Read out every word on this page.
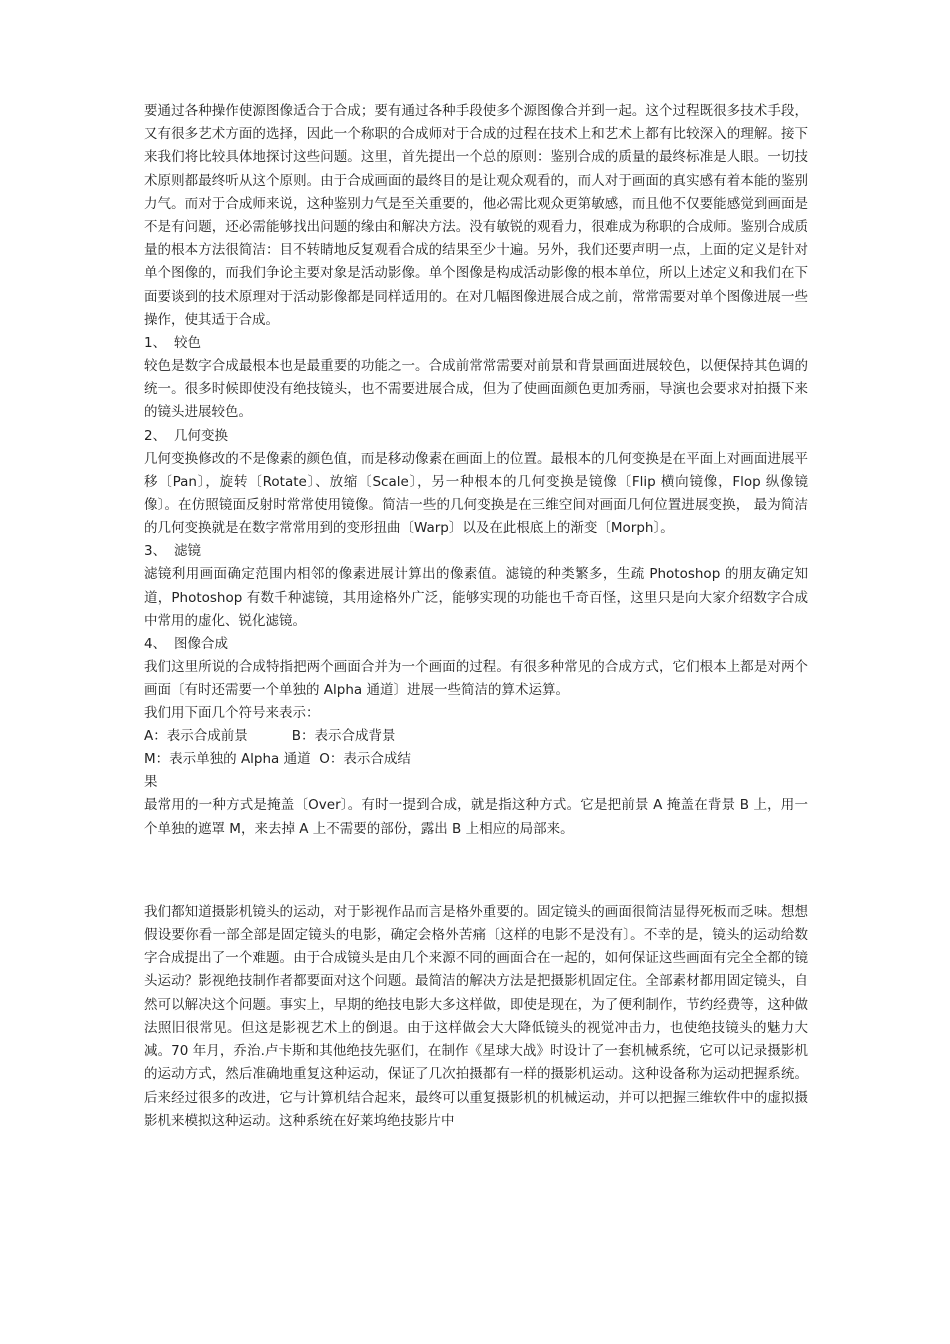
要通过各种操作使源图像适合于合成；要有通过各种手段使多个源图像合并到一起。这个过程既很多技术手段，又有很多艺术方面的选择，因此一个称职的合成师对于合成的过程在技术上和艺术上都有比较深入的理解。接下来我们将比较具体地探讨这些问题。这里，首先提出一个总的原则：鉴别合成的质量的最终标准是人眼。一切技术原则都最终听从这个原则。由于合成画面的最终目的是让观众观看的，而人对于画面的真实感有着本能的鉴别力气。而对于合成师来说，这种鉴别力气是至关重要的，他必需比观众更第敏感，而且他不仅要能感觉到画面是不是有问题，还必需能够找出问题的缘由和解决方法。没有敏锐的观看力，很难成为称职的合成师。鉴别合成质量的根本方法很简洁：目不转睛地反复观看合成的结果至少十遍。另外，我们还要声明一点，上面的定义是针对单个图像的，而我们争论主要对象是活动影像。单个图像是构成活动影像的根本单位，所以上述定义和我们在下面要谈到的技术原理对于活动影像都是同样适用的。在对几幅图像进展合成之前，常常需要对单个图像进展一些操作，使其适于合成。

1、 较色

较色是数字合成最根本也是最重要的功能之一。合成前常常需要对前景和背景画面进展较色，以便保持其色调的统一。很多时候即使没有绝技镜头，也不需要进展合成，但为了使画面颜色更加秀丽，导演也会要求对拍摄下来的镜头进展较色。

2、 几何变换

几何变换修改的不是像素的颜色值，而是移动像素在画面上的位置。最根本的几何变换是在平面上对画面进展平移〔Pan〕，旋转〔Rotate〕、放缩〔Scale〕，另一种根本的几何变换是镜像〔Flip 横向镜像，Flop 纵像镜像〕。在仿照镜面反射时常常使用镜像。简洁一些的几何变换是在三维空间对画面几何位置进展变换， 最为简洁的几何变换就是在数字常常用到的变形扭曲〔Warp〕以及在此根底上的渐变〔Morph〕。

3、 滤镜

滤镜利用画面确定范围内相邻的像素进展计算出的像素值。滤镜的种类繁多，生疏 Photoshop 的朋友确定知道，Photoshop 有数千种滤镜，其用途格外广泛，能够实现的功能也千奇百怪，这里只是向大家介绍数字合成中常用的虚化、锐化滤镜。

4、 图像合成

我们这里所说的合成特指把两个画面合并为一个画面的过程。有很多种常见的合成方式，它们根本上都是对两个画面〔有时还需要一个单独的 Alpha 通道〕进展一些简洁的算术运算。

我们用下面几个符号来表示：

A：表示合成前景	B：表示合成背景

M：表示单独的 Alpha 通道 O：表示合成结

果

最常用的一种方式是掩盖〔Over〕。有时一提到合成，就是指这种方式。它是把前景 A 掩盖在背景 B 上，用一个单独的遮罩 M，来去掉 A 上不需要的部份，露出 B 上相应的局部来。

我们都知道摄影机镜头的运动，对于影视作品而言是格外重要的。固定镜头的画面很简洁显得死板而乏味。想想假设要你看一部全部是固定镜头的电影，确定会格外苦痛〔这样的电影不是没有〕。不幸的是，镜头的运动给数字合成提出了一个难题。由于合成镜头是由几个来源不同的画面合在一起的，如何保证这些画面有完全全都的镜头运动？影视绝技制作者都要面对这个问题。最简洁的解决方法是把摄影机固定住。全部素材都用固定镜头，自然可以解决这个问题。事实上，早期的绝技电影大多这样做，即使是现在，为了便利制作，节约经费等，这种做法照旧很常见。但这是影视艺术上的倒退。由于这样做会大大降低镜头的视觉冲击力，也使绝技镜头的魅力大减。70 年月，乔治.卢卡斯和其他绝技先驱们，在制作《星球大战》时设计了一套机械系统，它可以记录摄影机的运动方式，然后准确地重复这种运动，保证了几次拍摄都有一样的摄影机运动。这种设备称为运动把握系统。后来经过很多的改进，它与计算机结合起来，最终可以重复摄影机的机械运动，并可以把握三维软件中的虚拟摄影机来模拟这种运动。这种系统在好莱坞绝技影片中
